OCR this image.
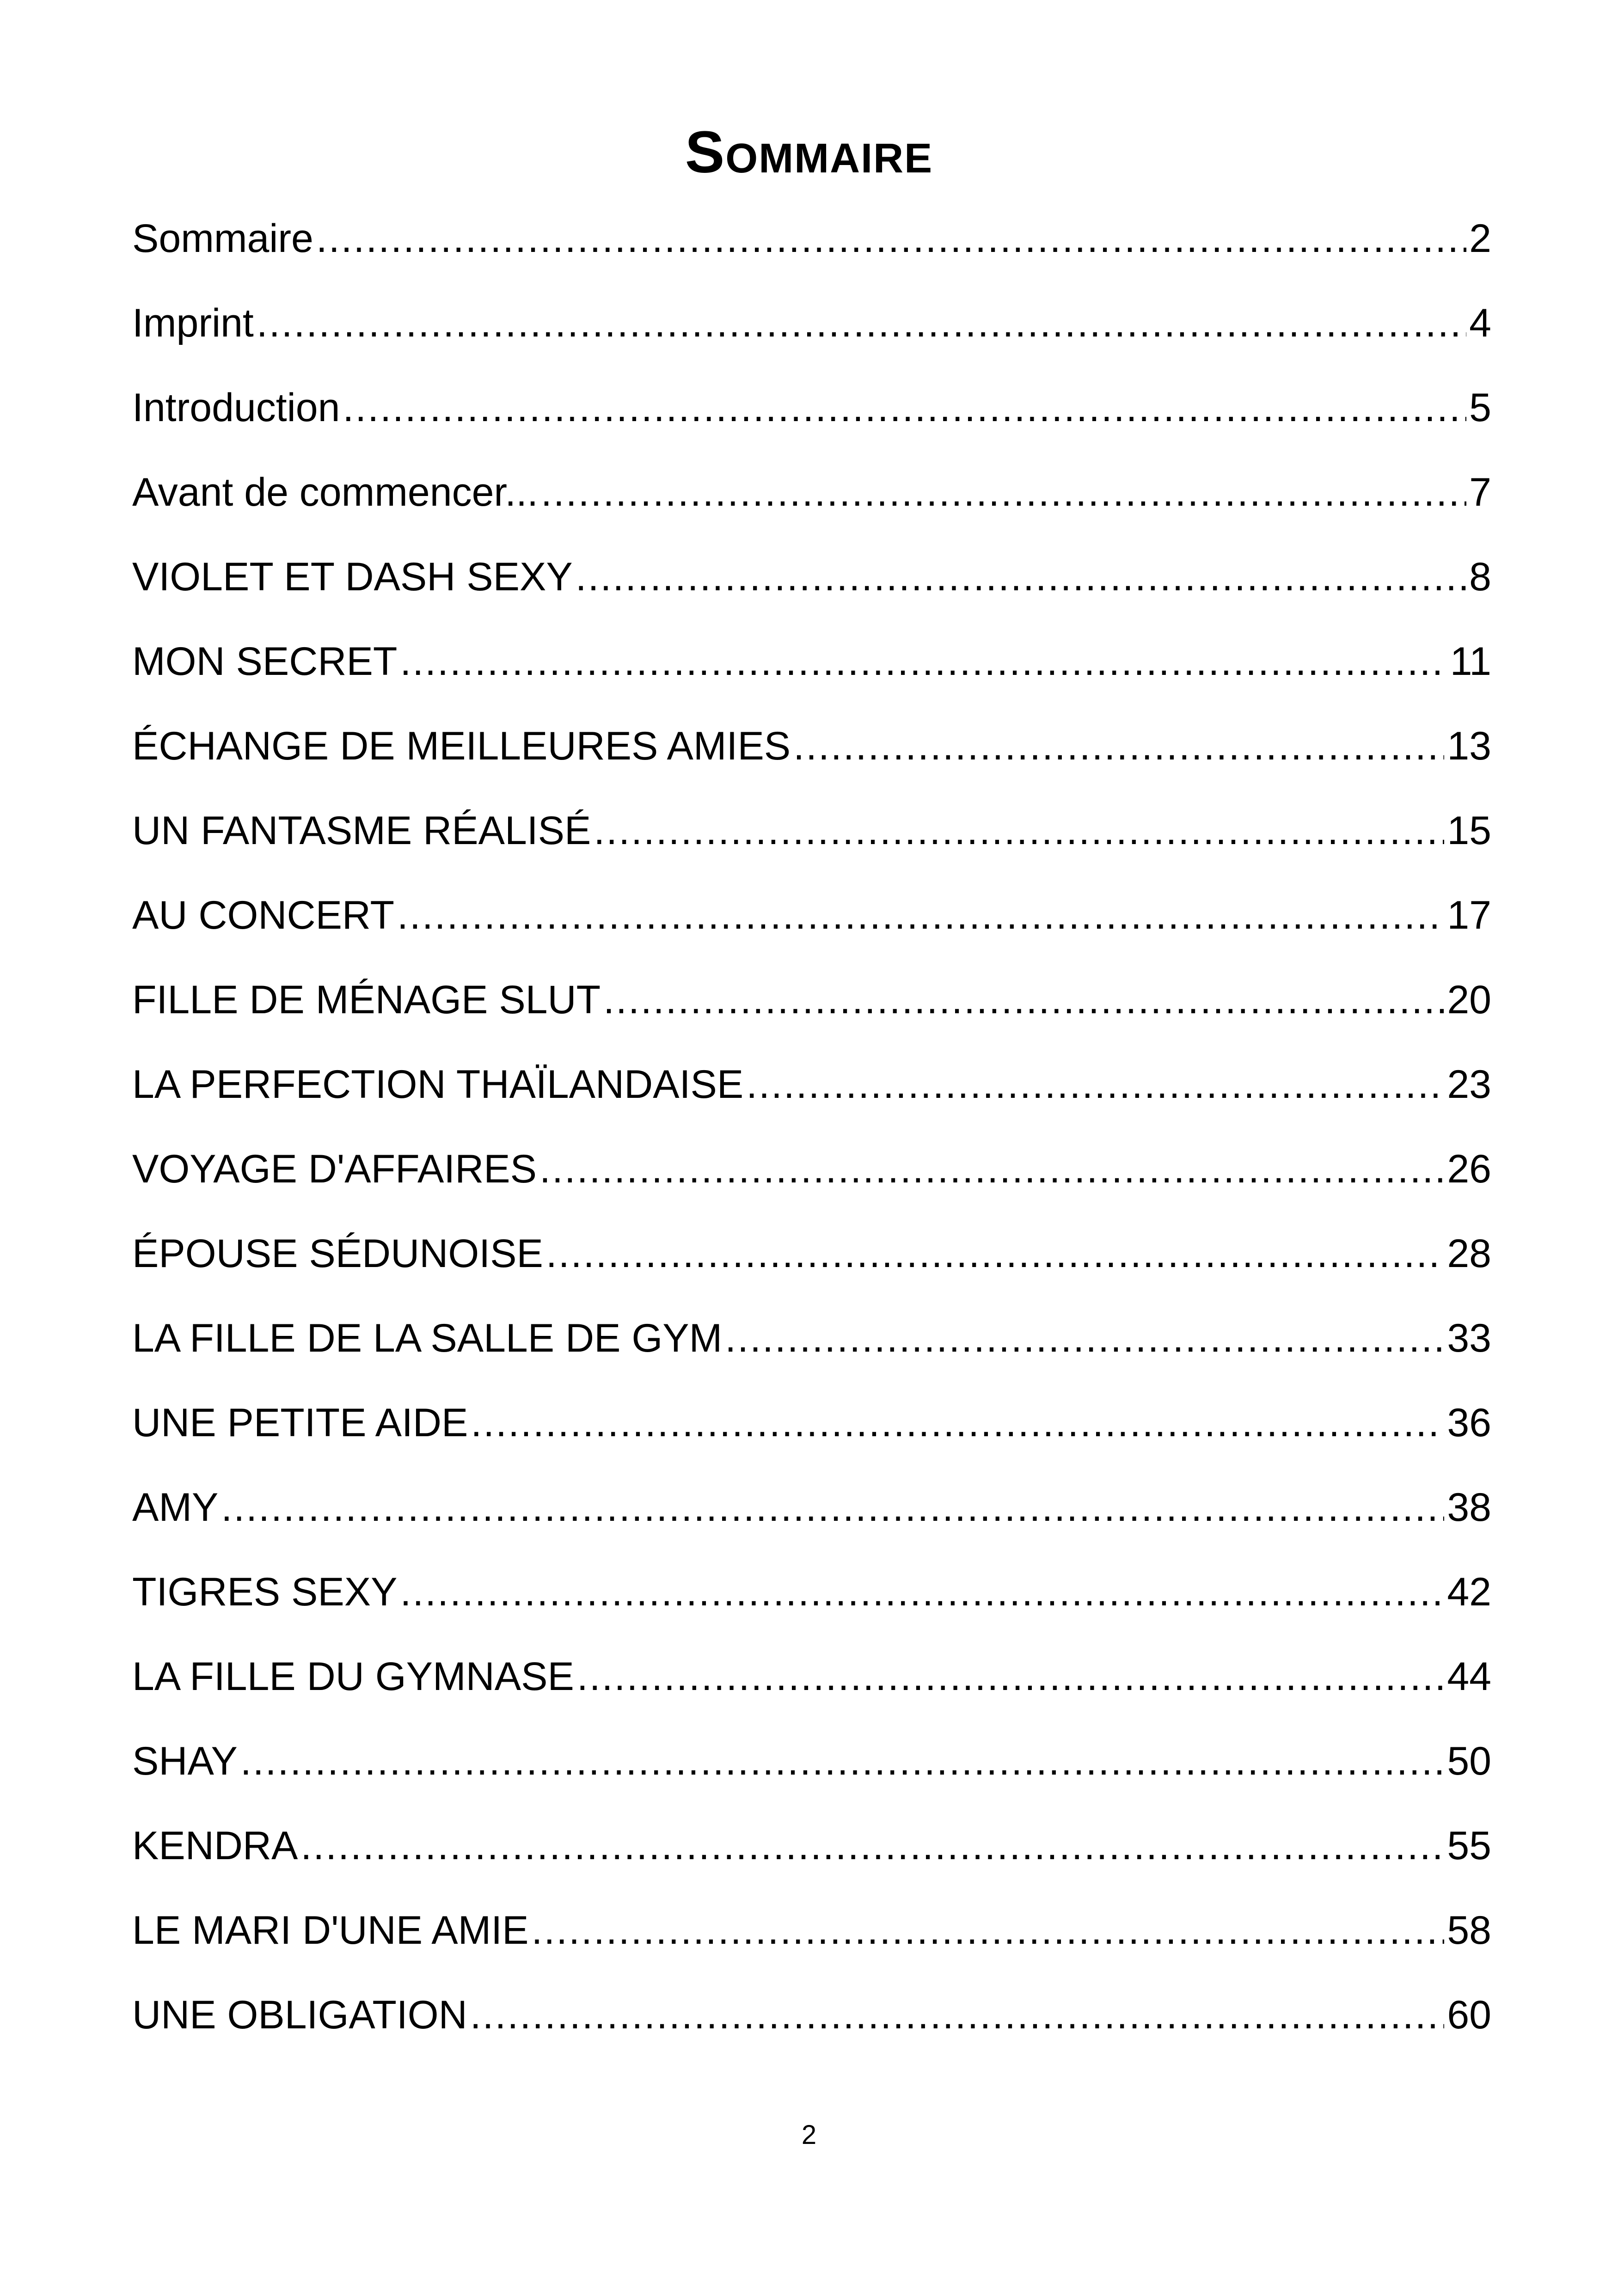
Sommaire
Sommaire .....	2
Imprint .....	4
Introduction .....	5
Avant de commencer... .....	7
VIOLET ET DASH SEXY .....	8
MON SECRET .....	11
ÉCHANGE DE MEILLEURES AMIES .....	13
UN FANTASME RÉALISÉ .....	15
AU CONCERT .....	17
FILLE DE MÉNAGE SLUT .....	20
LA PERFECTION THAÏLANDAISE .....	23
VOYAGE D'AFFAIRES .....	26
ÉPOUSE SÉDUNOISE .....	28
LA FILLE DE LA SALLE DE GYM .....	33
UNE PETITE AIDE .....	36
AMY .....	38
TIGRES SEXY .....	42
LA FILLE DU GYMNASE .....	44
SHAY .....	50
KENDRA .....	55
LE MARI D'UNE AMIE .....	58
UNE OBLIGATION .....	60
2
